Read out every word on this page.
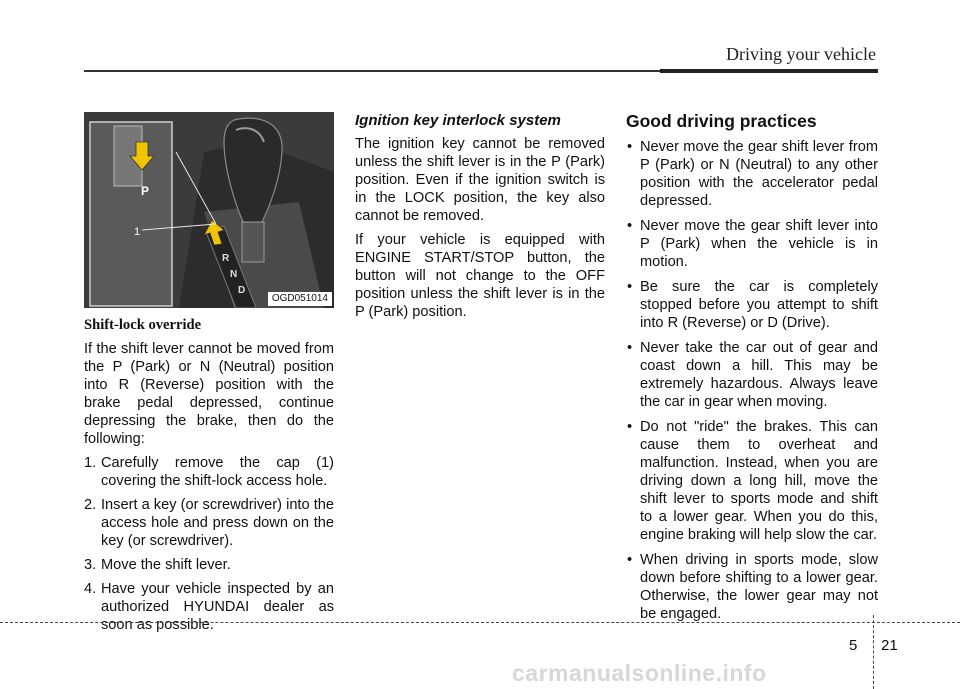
Driving your vehicle
1
P
R
N
D
OGD051014
Shift-lock override

If the shift lever cannot be moved from the P (Park) or N (Neutral) position into R (Reverse) position with the brake pedal depressed, continue depressing the brake, then do the following:

1. Carefully remove the cap (1) covering the shift-lock access hole.
2. Insert a key (or screwdriver) into the access hole and press down on the key (or screwdriver).
3. Move the shift lever.
4. Have your vehicle inspected by an authorized HYUNDAI dealer as soon as possible.
Ignition key interlock system

The ignition key cannot be removed unless the shift lever is in the P (Park) position. Even if the ignition switch is in the LOCK position, the key also cannot be removed.

If your vehicle is equipped with ENGINE START/STOP button, the button will not change to the OFF position unless the shift lever is in the P (Park) position.

Good driving practices
• Never move the gear shift lever from P (Park) or N (Neutral) to any other position with the accelerator pedal depressed.
• Never move the gear shift lever into P (Park) when the vehicle is in motion.
• Be sure the car is completely stopped before you attempt to shift into R (Reverse) or D (Drive).
• Never take the car out of gear and coast down a hill. This may be extremely hazardous. Always leave the car in gear when moving.
• Do not "ride" the brakes. This can cause them to overheat and malfunction. Instead, when you are driving down a long hill, move the shift lever to sports mode and shift to a lower gear. When you do this, engine braking will help slow the car.
• When driving in sports mode, slow down before shifting to a lower gear. Otherwise, the lower gear may not be engaged.
5 21
carmanualsonline.info
